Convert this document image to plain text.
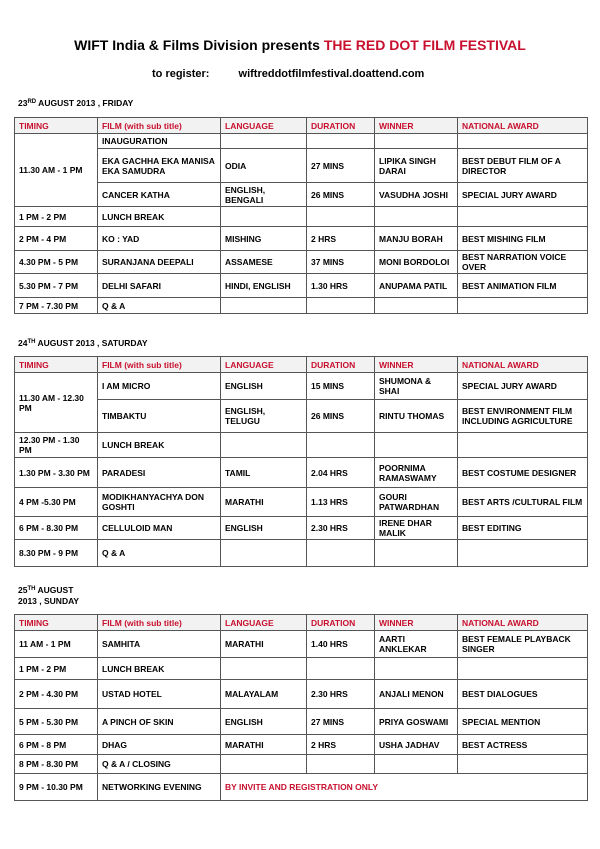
WIFT India & Films Division presents THE RED DOT FILM FESTIVAL
to register:	wiftreddotfilmfestival.doattend.com
23RD AUGUST 2013 , FRIDAY
TIMING	FILM (with sub title)	LANGUAGE	DURATION	WINNER	NATIONAL AWARD
11.30 AM - 1 PM	INAUGURATION				
	EKA GACHHA EKA MANISA EKA SAMUDRA	ODIA	27 MINS	LIPIKA SINGH DARAI	BEST DEBUT FILM OF A DIRECTOR
	CANCER KATHA	ENGLISH, BENGALI	26 MINS	VASUDHA JOSHI	SPECIAL JURY AWARD
1 PM - 2 PM	LUNCH BREAK				
2 PM - 4 PM	KO : YAD	MISHING	2 HRS	MANJU BORAH	BEST MISHING FILM
4.30 PM - 5 PM	SURANJANA DEEPALI	ASSAMESE	37 MINS	MONI BORDOLOI	BEST NARRATION VOICE OVER
5.30 PM - 7 PM	DELHI SAFARI	HINDI, ENGLISH	1.30 HRS	ANUPAMA PATIL	BEST ANIMATION FILM
7 PM - 7.30 PM	Q & A				
24TH AUGUST 2013 , SATURDAY
TIMING	FILM (with sub title)	LANGUAGE	DURATION	WINNER	NATIONAL AWARD
11.30 AM - 12.30 PM	I AM MICRO	ENGLISH	15 MINS	SHUMONA & SHAI	SPECIAL JURY AWARD
	TIMBAKTU	ENGLISH, TELUGU	26 MINS	RINTU THOMAS	BEST ENVIRONMENT FILM INCLUDING AGRICULTURE
12.30 PM - 1.30 PM	LUNCH BREAK				
1.30 PM - 3.30 PM	PARADESI	TAMIL	2.04 HRS	POORNIMA RAMASWAMY	BEST COSTUME DESIGNER
4 PM -5.30 PM	MODIKHANYACHYA DON GOSHTI	MARATHI	1.13 HRS	GOURI PATWARDHAN	BEST ARTS /CULTURAL FILM
6 PM - 8.30 PM	CELLULOID MAN	ENGLISH	2.30 HRS	IRENE DHAR MALIK	BEST EDITING
8.30 PM - 9 PM	Q & A				
25TH AUGUST
2013 , SUNDAY
TIMING	FILM (with sub title)	LANGUAGE	DURATION	WINNER	NATIONAL AWARD
11 AM - 1 PM	SAMHITA	MARATHI	1.40 HRS	AARTI ANKLEKAR	BEST FEMALE PLAYBACK SINGER
1 PM - 2 PM	LUNCH BREAK				
2 PM - 4.30 PM	USTAD HOTEL	MALAYALAM	2.30 HRS	ANJALI MENON	BEST DIALOGUES
5 PM - 5.30 PM	A PINCH OF SKIN	ENGLISH	27 MINS	PRIYA GOSWAMI	SPECIAL MENTION
6 PM - 8 PM	DHAG	MARATHI	2 HRS	USHA JADHAV	BEST ACTRESS
8 PM - 8.30 PM	Q & A / CLOSING				
9 PM - 10.30 PM	NETWORKING EVENING	BY INVITE AND REGISTRATION ONLY			
